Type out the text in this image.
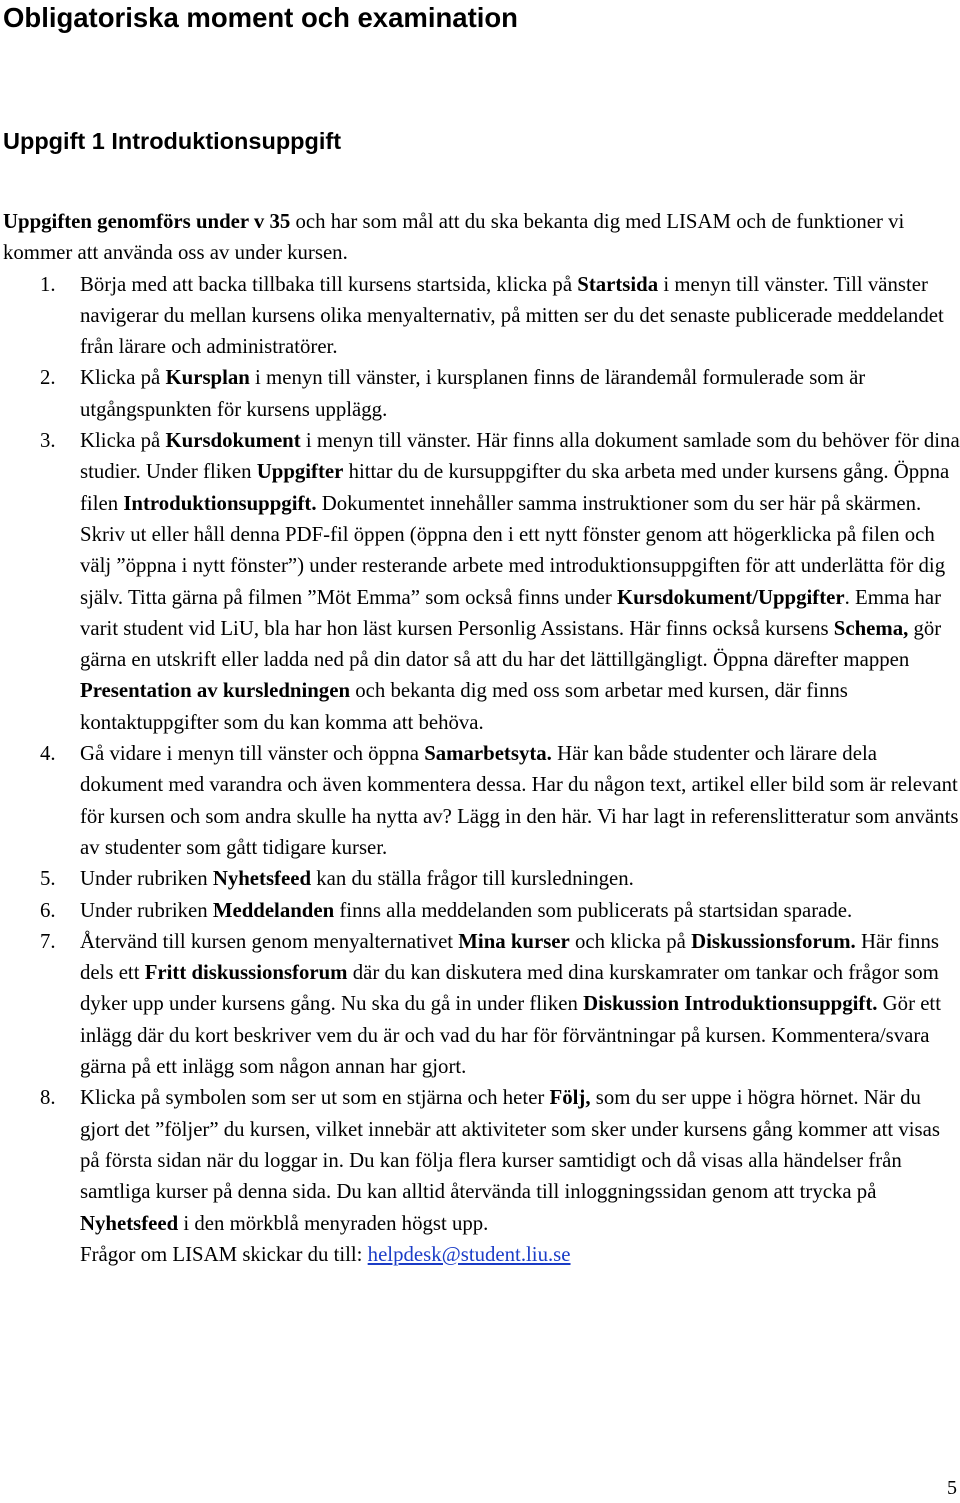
Obligatoriska moment och examination
Uppgift 1 Introduktionsuppgift

Uppgiften genomförs under v 35 och har som mål att du ska bekanta dig med LISAM och de funktioner vi kommer att använda oss av under kursen.

1. Börja med att backa tillbaka till kursens startsida, klicka på Startsida i menyn till vänster. Till vänster navigerar du mellan kursens olika menyalternativ, på mitten ser du det senaste publicerade meddelandet från lärare och administratörer.
2. Klicka på Kursplan i menyn till vänster, i kursplanen finns de lärandemål formulerade som är utgångspunkten för kursens upplägg.
3. Klicka på Kursdokument i menyn till vänster. Här finns alla dokument samlade som du behöver för dina studier. Under fliken Uppgifter hittar du de kursuppgifter du ska arbeta med under kursens gång. Öppna filen Introduktionsuppgift. Dokumentet innehåller samma instruktioner som du ser här på skärmen. Skriv ut eller håll denna PDF-fil öppen (öppna den i ett nytt fönster genom att högerklicka på filen och välj ”öppna i nytt fönster”) under resterande arbete med introduktionsuppgiften för att underlätta för dig själv. Titta gärna på filmen ”Möt Emma” som också finns under Kursdokument/Uppgifter. Emma har varit student vid LiU, bla har hon läst kursen Personlig Assistans. Här finns också kursens Schema, gör gärna en utskrift eller ladda ned på din dator så att du har det lättillgängligt. Öppna därefter mappen Presentation av kursledningen och bekanta dig med oss som arbetar med kursen, där finns kontaktuppgifter som du kan komma att behöva.
4. Gå vidare i menyn till vänster och öppna Samarbetsyta. Här kan både studenter och lärare dela dokument med varandra och även kommentera dessa. Har du någon text, artikel eller bild som är relevant för kursen och som andra skulle ha nytta av? Lägg in den här. Vi har lagt in referenslitteratur som använts av studenter som gått tidigare kurser.
5. Under rubriken Nyhetsfeed kan du ställa frågor till kursledningen.
6. Under rubriken Meddelanden finns alla meddelanden som publicerats på startsidan sparade.
7. Återvänd till kursen genom menyalternativet Mina kurser och klicka på Diskussionsforum. Här finns dels ett Fritt diskussionsforum där du kan diskutera med dina kurskamrater om tankar och frågor som dyker upp under kursens gång. Nu ska du gå in under fliken Diskussion Introduktionsuppgift. Gör ett inlägg där du kort beskriver vem du är och vad du har för förväntningar på kursen. Kommentera/svara gärna på ett inlägg som någon annan har gjort.
8. Klicka på symbolen som ser ut som en stjärna och heter Följ, som du ser uppe i högra hörnet. När du gjort det ”följer” du kursen, vilket innebär att aktiviteter som sker under kursens gång kommer att visas på första sidan när du loggar in. Du kan följa flera kurser samtidigt och då visas alla händelser från samtliga kurser på denna sida. Du kan alltid återvända till inloggningssidan genom att trycka på Nyhetsfeed i den mörkblå menyraden högst upp.
Frågor om LISAM skickar du till: helpdesk@student.liu.se
5
